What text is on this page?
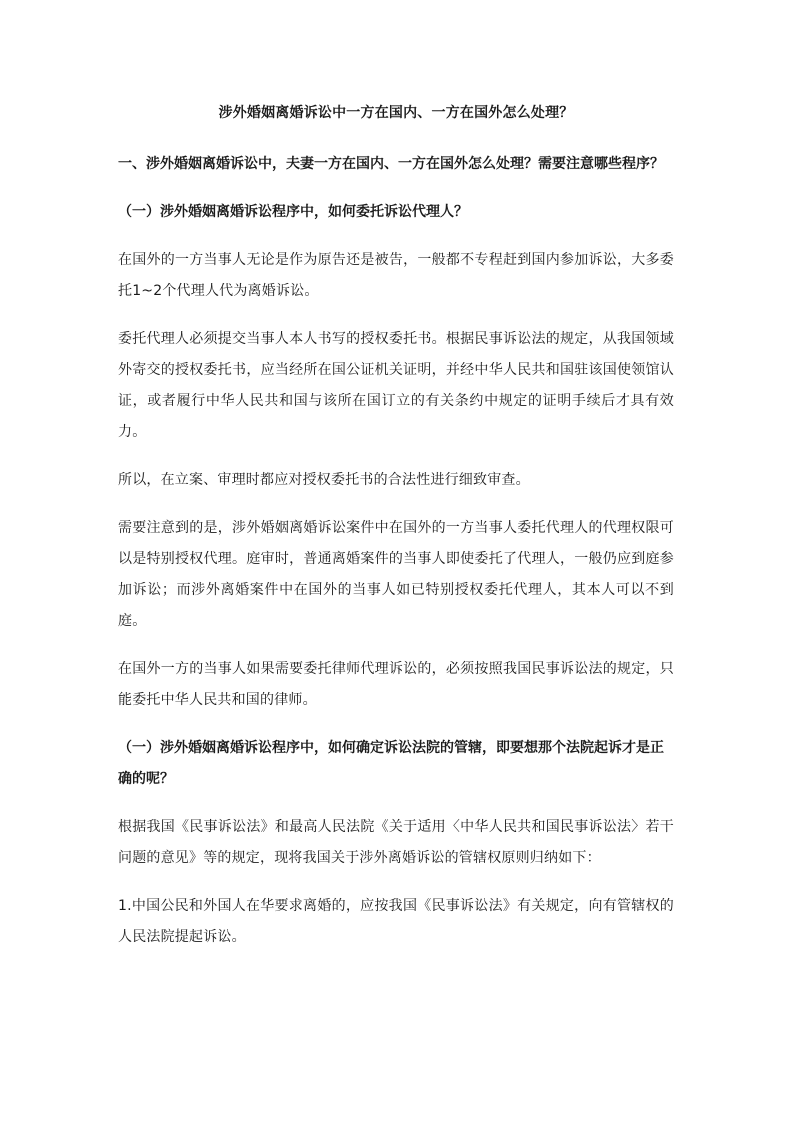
涉外婚姻离婚诉讼中一方在国内、一方在国外怎么处理？
一、涉外婚姻离婚诉讼中，夫妻一方在国内、一方在国外怎么处理？需要注意哪些程序？
（一）涉外婚姻离婚诉讼程序中，如何委托诉讼代理人？

在国外的一方当事人无论是作为原告还是被告，一般都不专程赶到国内参加诉讼，大多委托1~2个代理人代为离婚诉讼。

委托代理人必须提交当事人本人书写的授权委托书。根据民事诉讼法的规定，从我国领域外寄交的授权委托书，应当经所在国公证机关证明，并经中华人民共和国驻该国使领馆认证，或者履行中华人民共和国与该所在国订立的有关条约中规定的证明手续后才具有效力。

所以，在立案、审理时都应对授权委托书的合法性进行细致审查。

需要注意到的是，涉外婚姻离婚诉讼案件中在国外的一方当事人委托代理人的代理权限可以是特别授权代理。庭审时，普通离婚案件的当事人即使委托了代理人，一般仍应到庭参加诉讼；而涉外离婚案件中在国外的当事人如已特别授权委托代理人，其本人可以不到庭。

在国外一方的当事人如果需要委托律师代理诉讼的，必须按照我国民事诉讼法的规定，只能委托中华人民共和国的律师。

（一）涉外婚姻离婚诉讼程序中，如何确定诉讼法院的管辖，即要想那个法院起诉才是正确的呢？

根据我国《民事诉讼法》和最高人民法院《关于适用〈中华人民共和国民事诉讼法〉若干问题的意见》等的规定，现将我国关于涉外离婚诉讼的管辖权原则归纳如下：

1.中国公民和外国人在华要求离婚的，应按我国《民事诉讼法》有关规定，向有管辖权的人民法院提起诉讼。
